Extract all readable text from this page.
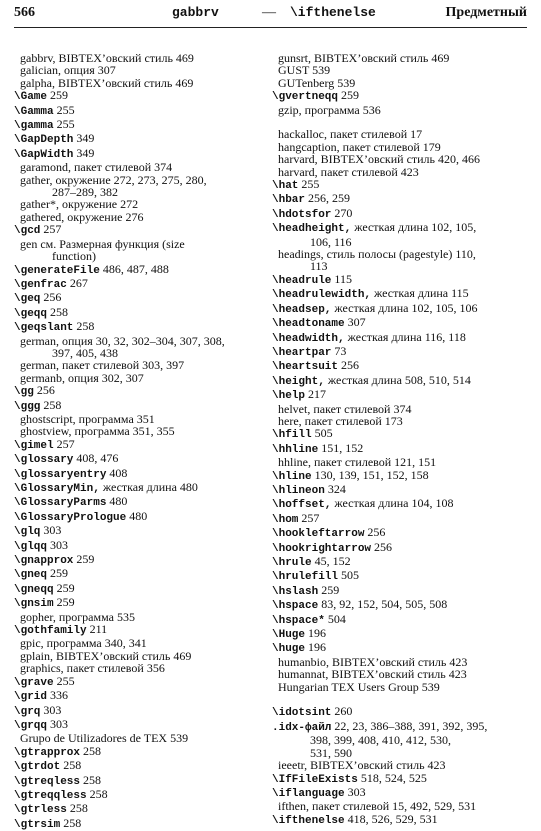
566	gabbrv	— \ifthenelse	Предметный
gabbrv, BIBTEX’овский стиль 469
galician, опция 307
galpha, BIBTEX’овский стиль 469
\Game 259
\Gamma 255
\gamma 255
\GapDepth 349
\GapWidth 349
garamond, пакет стилевой 374
gather, окружение 272, 273, 275, 280,
287–289, 382
gather*, окружение 272
gathered, окружение 276
\gcd 257
gen см. Размерная функция (size
function)
\generateFile 486, 487, 488
\genfrac 267
\geq 256
\geqq 258
\geqslant 258
german, опция 30, 32, 302–304, 307, 308,
397, 405, 438
german, пакет стилевой 303, 397
germanb, опция 302, 307
\gg 256
\ggg 258
ghostscript, программа 351
ghostview, программа 351, 355
\gimel 257
\glossary 408, 476
\glossaryentry 408
\GlossaryMin, жесткая длина 480
\GlossaryParms 480
\GlossaryPrologue 480
\glq 303
\glqq 303
\gnapprox 259
\gneq 259
\gneqq 259
\gnsim 259
gopher, программа 535
\gothfamily 211
gpic, программа 340, 341
gplain, BIBTEX’овский стиль 469
graphics, пакет стилевой 356
\grave 255
\grid 336
\grq 303
\grqq 303
Grupo de Utilizadores de TEX 539
\gtrapprox 258
\gtrdot 258
\gtreqless 258
\gtreqqless 258
\gtrless 258
\gtrsim 258
gunsrt, BIBTEX’овский стиль 469
GUST 539
GUTenberg 539
\gvertneqq 259
gzip, программа 536
hackalloc, пакет стилевой 17
hangcaption, пакет стилевой 179
harvard, BIBTEX’овский стиль 420, 466
harvard, пакет стилевой 423
\hat 255
\hbar 256, 259
\hdotsfor 270
\headheight, жесткая длина 102, 105,
106, 116
headings, стиль полосы (pagestyle) 110,
113
\headrule 115
\headrulewidth, жесткая длина 115
\headsep, жесткая длина 102, 105, 106
\headtoname 307
\headwidth, жесткая длина 116, 118
\heartpar 73
\heartsuit 256
\height, жесткая длина 508, 510, 514
\help 217
helvet, пакет стилевой 374
here, пакет стилевой 173
\hfill 505
\hhline 151, 152
hhline, пакет стилевой 121, 151
\hline 130, 139, 151, 152, 158
\hlineon 324
\hoffset, жесткая длина 104, 108
\hom 257
\hookleftarrow 256
\hookrightarrow 256
\hrule 45, 152
\hrulefill 505
\hslash 259
\hspace 83, 92, 152, 504, 505, 508
\hspace* 504
\Huge 196
\huge 196
humanbio, BIBTEX’овский стиль 423
humannat, BIBTEX’овский стиль 423
Hungarian TEX Users Group 539
\idotsint 260
.idx-файл 22, 23, 386–388, 391, 392, 395,
398, 399, 408, 410, 412, 530,
531, 590
ieeetr, BIBTEX’овский стиль 423
\IfFileExists 518, 524, 525
\iflanguage 303
ifthen, пакет стилевой 15, 492, 529, 531
\ifthenelse 418, 526, 529, 531
